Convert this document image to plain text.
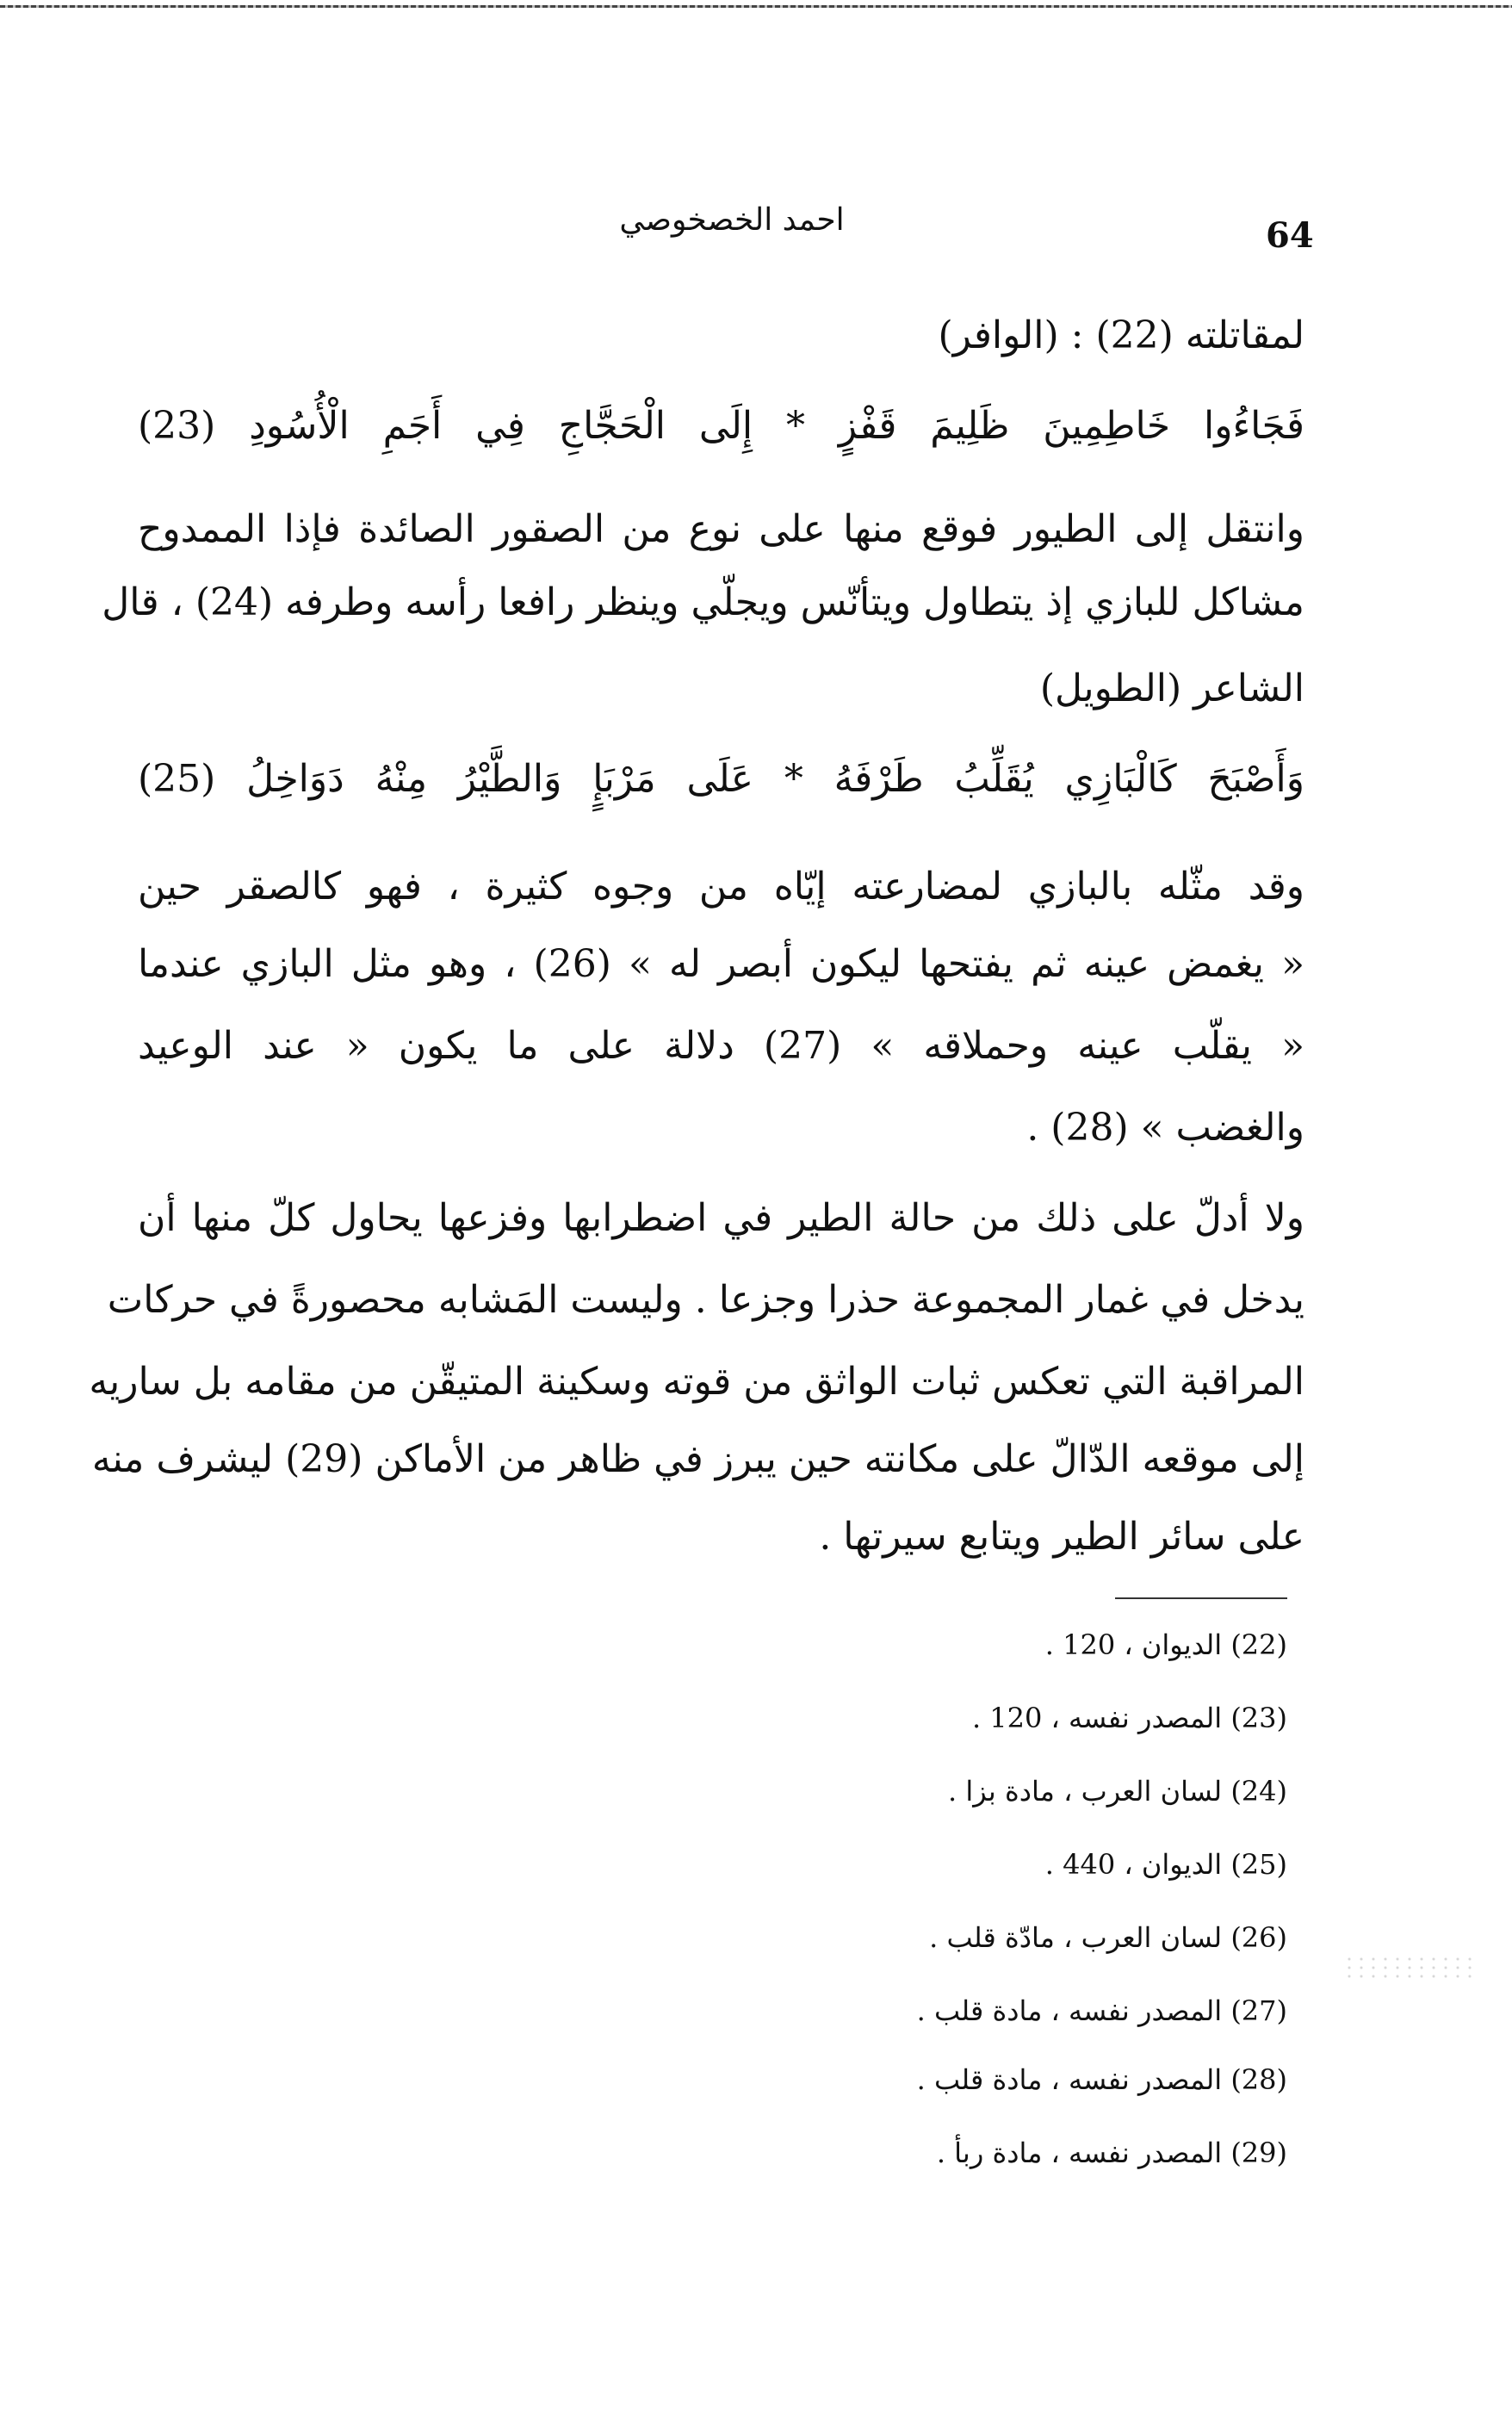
64
احمد الخصخوصي
لمقاتلته (22) : (الوافر)
فَجَاءُوا خَاطِمِينَ ظَلِيمَ قَفْزٍ * إِلَى الْحَجَّاجِ فِي أَجَمِ الْأُسُودِ (23)
وانتقل إلى الطيور فوقع منها على نوع من الصقور الصائدة فإذا الممدوح
مشاكل للبازي إذ يتطاول ويتأنّس ويجلّي وينظر رافعا رأسه وطرفه (24) ، قال
الشاعر (الطويل)
وَأَصْبَحَ كَالْبَازِي يُقَلِّبُ طَرْفَهُ * عَلَى مَرْبَإٍ وَالطَّيْرُ مِنْهُ دَوَاخِلُ (25)
وقد مثّله بالبازي لمضارعته إيّاه من وجوه كثيرة ، فهو كالصقر حين
« يغمض عينه ثم يفتحها ليكون أبصر له » (26) ، وهو مثل البازي عندما
« يقلّب عينه وحملاقه » (27) دلالة على ما يكون « عند الوعيد
والغضب » (28) .
ولا أدلّ على ذلك من حالة الطير في اضطرابها وفزعها يحاول كلّ منها أن
يدخل في غمار المجموعة حذرا وجزعا . وليست المَشابه محصورةً في حركات
المراقبة التي تعكس ثبات الواثق من قوته وسكينة المتيقّن من مقامه بل ساريه
إلى موقعه الدّالّ على مكانته حين يبرز في ظاهر من الأماكن (29) ليشرف منه
على سائر الطير ويتابع سيرتها .
(22) الديوان ، 120 .
(23) المصدر نفسه ، 120 .
(24) لسان العرب ، مادة بزا .
(25) الديوان ، 440 .
(26) لسان العرب ، مادّة قلب .
(27) المصدر نفسه ، مادة قلب .
(28) المصدر نفسه ، مادة قلب .
(29) المصدر نفسه ، مادة ربأ .
